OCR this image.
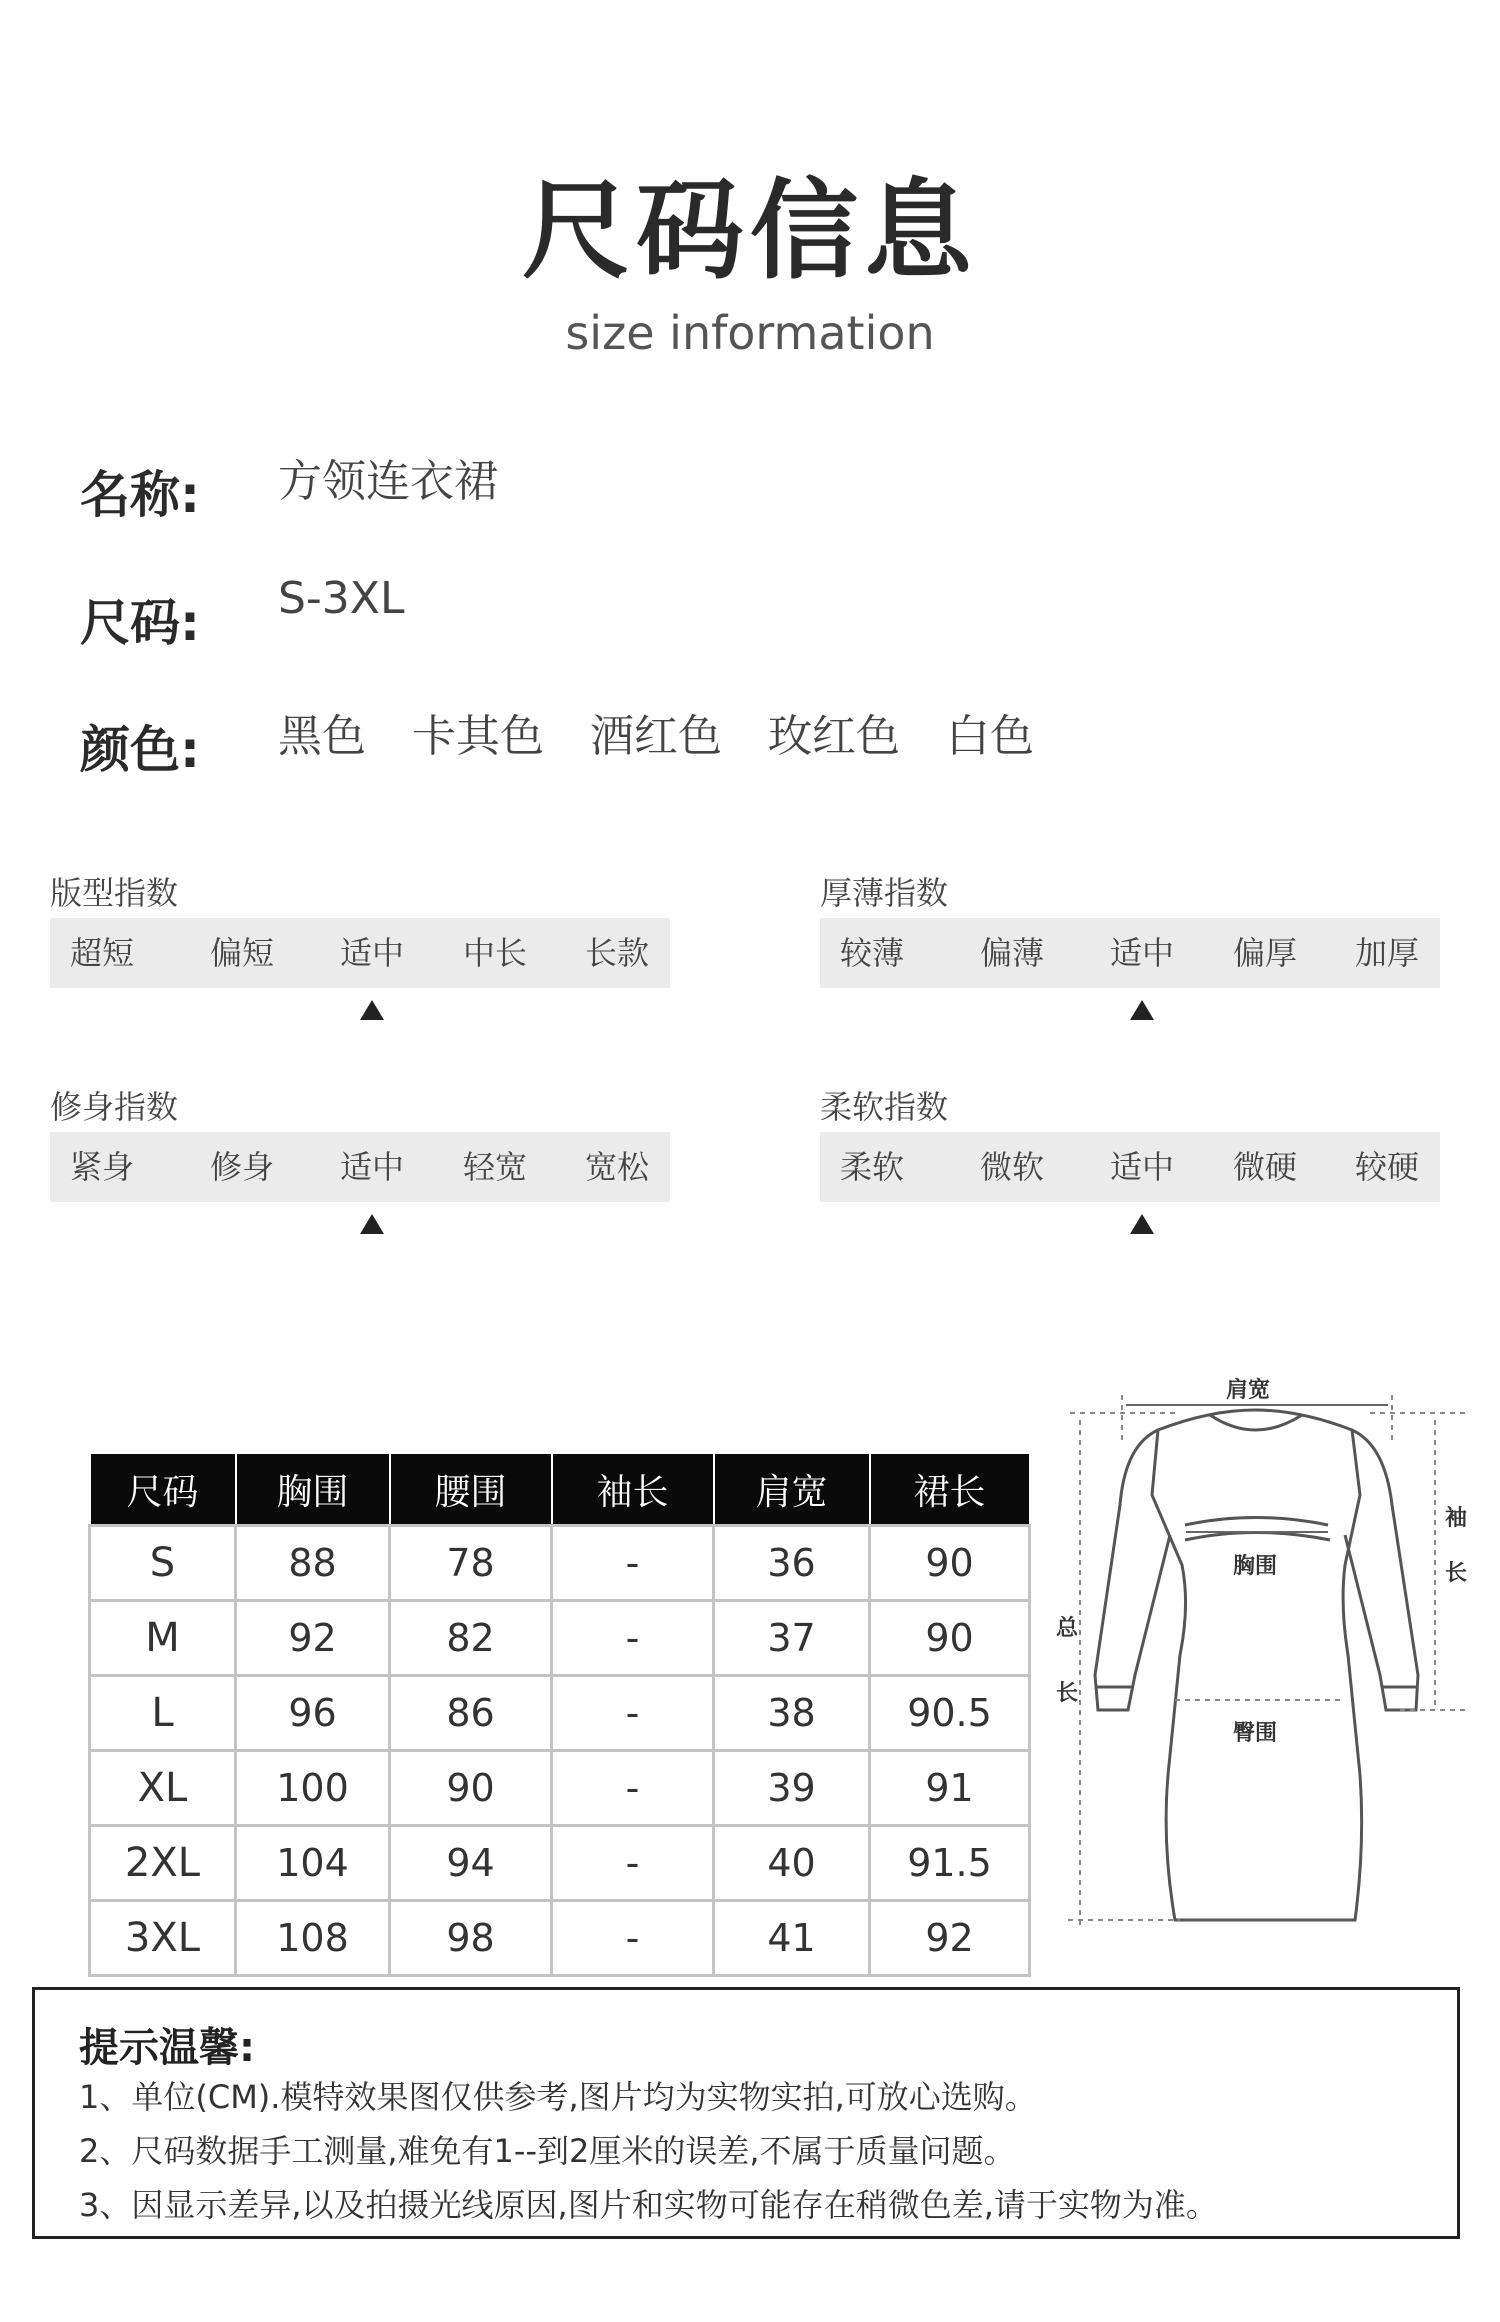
尺码信息
size information
名称:	方领连衣裙
尺码:	S-3XL
颜色:	黑色 卡其色 酒红色 玫红色 白色
版型指数
超短 偏短 适中 中长 长款
厚薄指数
较薄 偏薄 适中 偏厚 加厚
修身指数
紧身 修身 适中 轻宽 宽松
柔软指数
柔软 微软 适中 微硬 较硬
尺码	胸围	腰围	袖长	肩宽	裙长
S	88	78	-	36	90
M	92	82	-	37	90
L	96	86	-	38	90.5
XL	100	90	-	39	91
2XL	104	94	-	40	91.5
3XL	108	98	-	41	92
肩宽
胸围
臀围
袖
长
总
长
提示温馨:
1、单位(CM).模特效果图仅供参考,图片均为实物实拍,可放心选购。
2、尺码数据手工测量,难免有1--到2厘米的误差,不属于质量问题。
3、因显示差异,以及拍摄光线原因,图片和实物可能存在稍微色差,请于实物为准。
